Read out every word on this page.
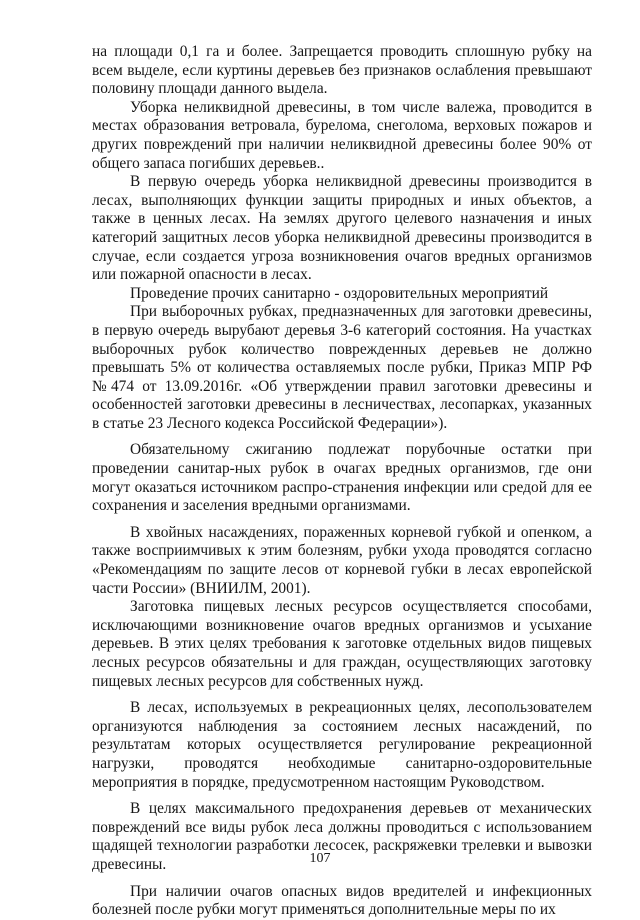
на площади 0,1 га и более. Запрещается проводить сплошную рубку на всем выделе, если куртины деревьев без признаков ослабления превышают половину площади данного выдела.

Уборка неликвидной древесины, в том числе валежа, проводится в местах образования ветровала, бурелома, снеголома, верховых пожаров и других повреждений при наличии неликвидной древесины более 90% от общего запаса погибших деревьев..

В первую очередь уборка неликвидной древесины производится в лесах, выполняющих функции защиты природных и иных объектов, а также в ценных лесах. На землях другого целевого назначения и иных категорий защитных лесов уборка неликвидной древесины производится в случае, если создается угроза возникновения очагов вредных организмов или пожарной опасности в лесах.

Проведение прочих санитарно - оздоровительных мероприятий

При выборочных рубках, предназначенных для заготовки древесины, в первую очередь вырубают деревья 3-6 категорий состояния. На участках выборочных рубок количество поврежденных деревьев не должно превышать 5% от количества оставляемых после рубки, Приказ МПР РФ №474 от 13.09.2016г. «Об утверждении правил заготовки древесины и особенностей заготовки древесины в лесничествах, лесопарках, указанных в статье 23 Лесного кодекса Российской Федерации»).

Обязательному сжиганию подлежат порубочные остатки при проведении санитар-ных рубок в очагах вредных организмов, где они могут оказаться источником распро-странения инфекции или средой для ее сохранения и заселения вредными организмами.

В хвойных насаждениях, пораженных корневой губкой и опенком, а также восприимчивых к этим болезням, рубки ухода проводятся согласно «Рекомендациям по защите лесов от корневой губки в лесах европейской части России» (ВНИИЛМ, 2001).

Заготовка пищевых лесных ресурсов осуществляется способами, исключающими возникновение очагов вредных организмов и усыхание деревьев. В этих целях требования к заготовке отдельных видов пищевых лесных ресурсов обязательны и для граждан, осуществляющих заготовку пищевых лесных ресурсов для собственных нужд.

В лесах, используемых в рекреационных целях, лесопользователем организуются наблюдения за состоянием лесных насаждений, по результатам которых осуществляется регулирование рекреационной нагрузки, проводятся необходимые санитарно-оздоровительные мероприятия в порядке, предусмотренном настоящим Руководством.

В целях максимального предохранения деревьев от механических повреждений все виды рубок леса должны проводиться с использованием щадящей технологии разработки лесосек, раскряжевки трелевки и вывозки древесины.

При наличии очагов опасных видов вредителей и инфекционных болезней после рубки могут применяться дополнительные меры по их

107
